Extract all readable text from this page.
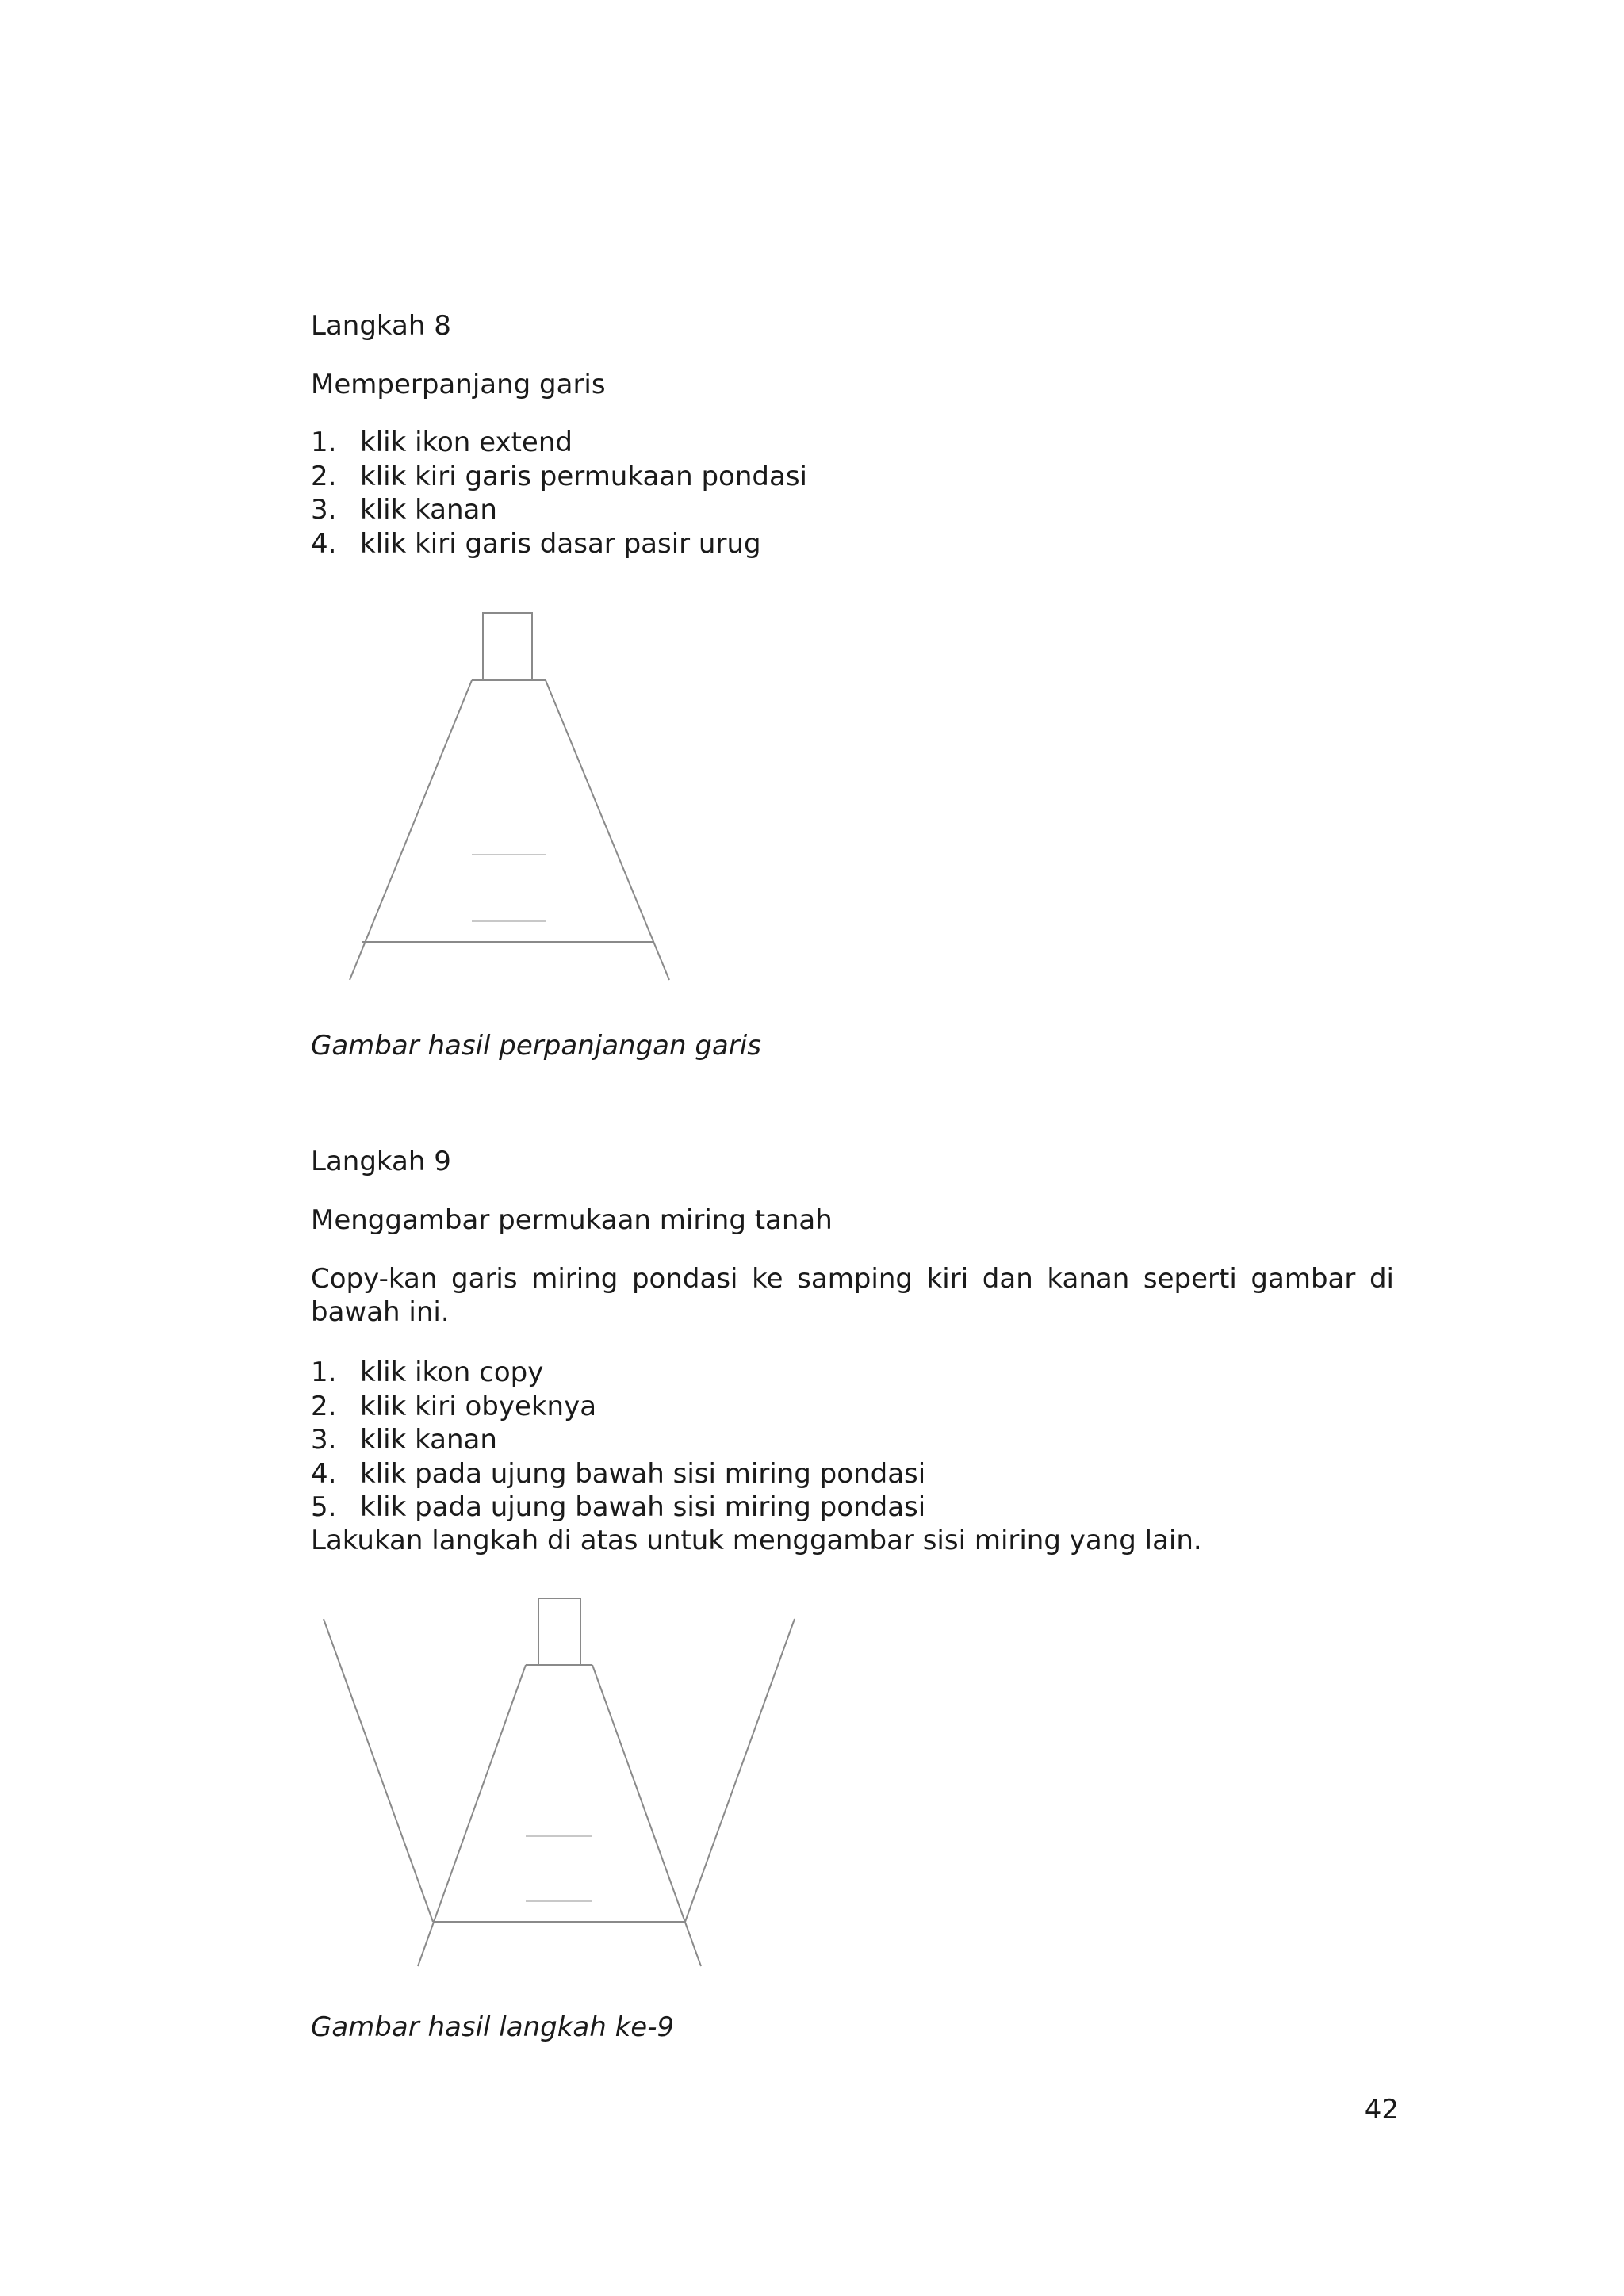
Langkah 8

Memperpanjang garis

1. klik ikon extend
2. klik kiri garis permukaan pondasi
3. klik kanan
4. klik kiri garis dasar pasir urug

Gambar hasil perpanjangan garis

Langkah 9

Menggambar permukaan miring tanah

Copy-kan garis miring pondasi ke samping kiri dan kanan seperti gambar di bawah ini.

1. klik ikon copy
2. klik kiri obyeknya
3. klik kanan
4. klik pada ujung bawah sisi miring pondasi
5. klik pada ujung bawah sisi miring pondasi

Lakukan langkah di atas untuk menggambar sisi miring yang lain.

Gambar hasil langkah ke-9

42
